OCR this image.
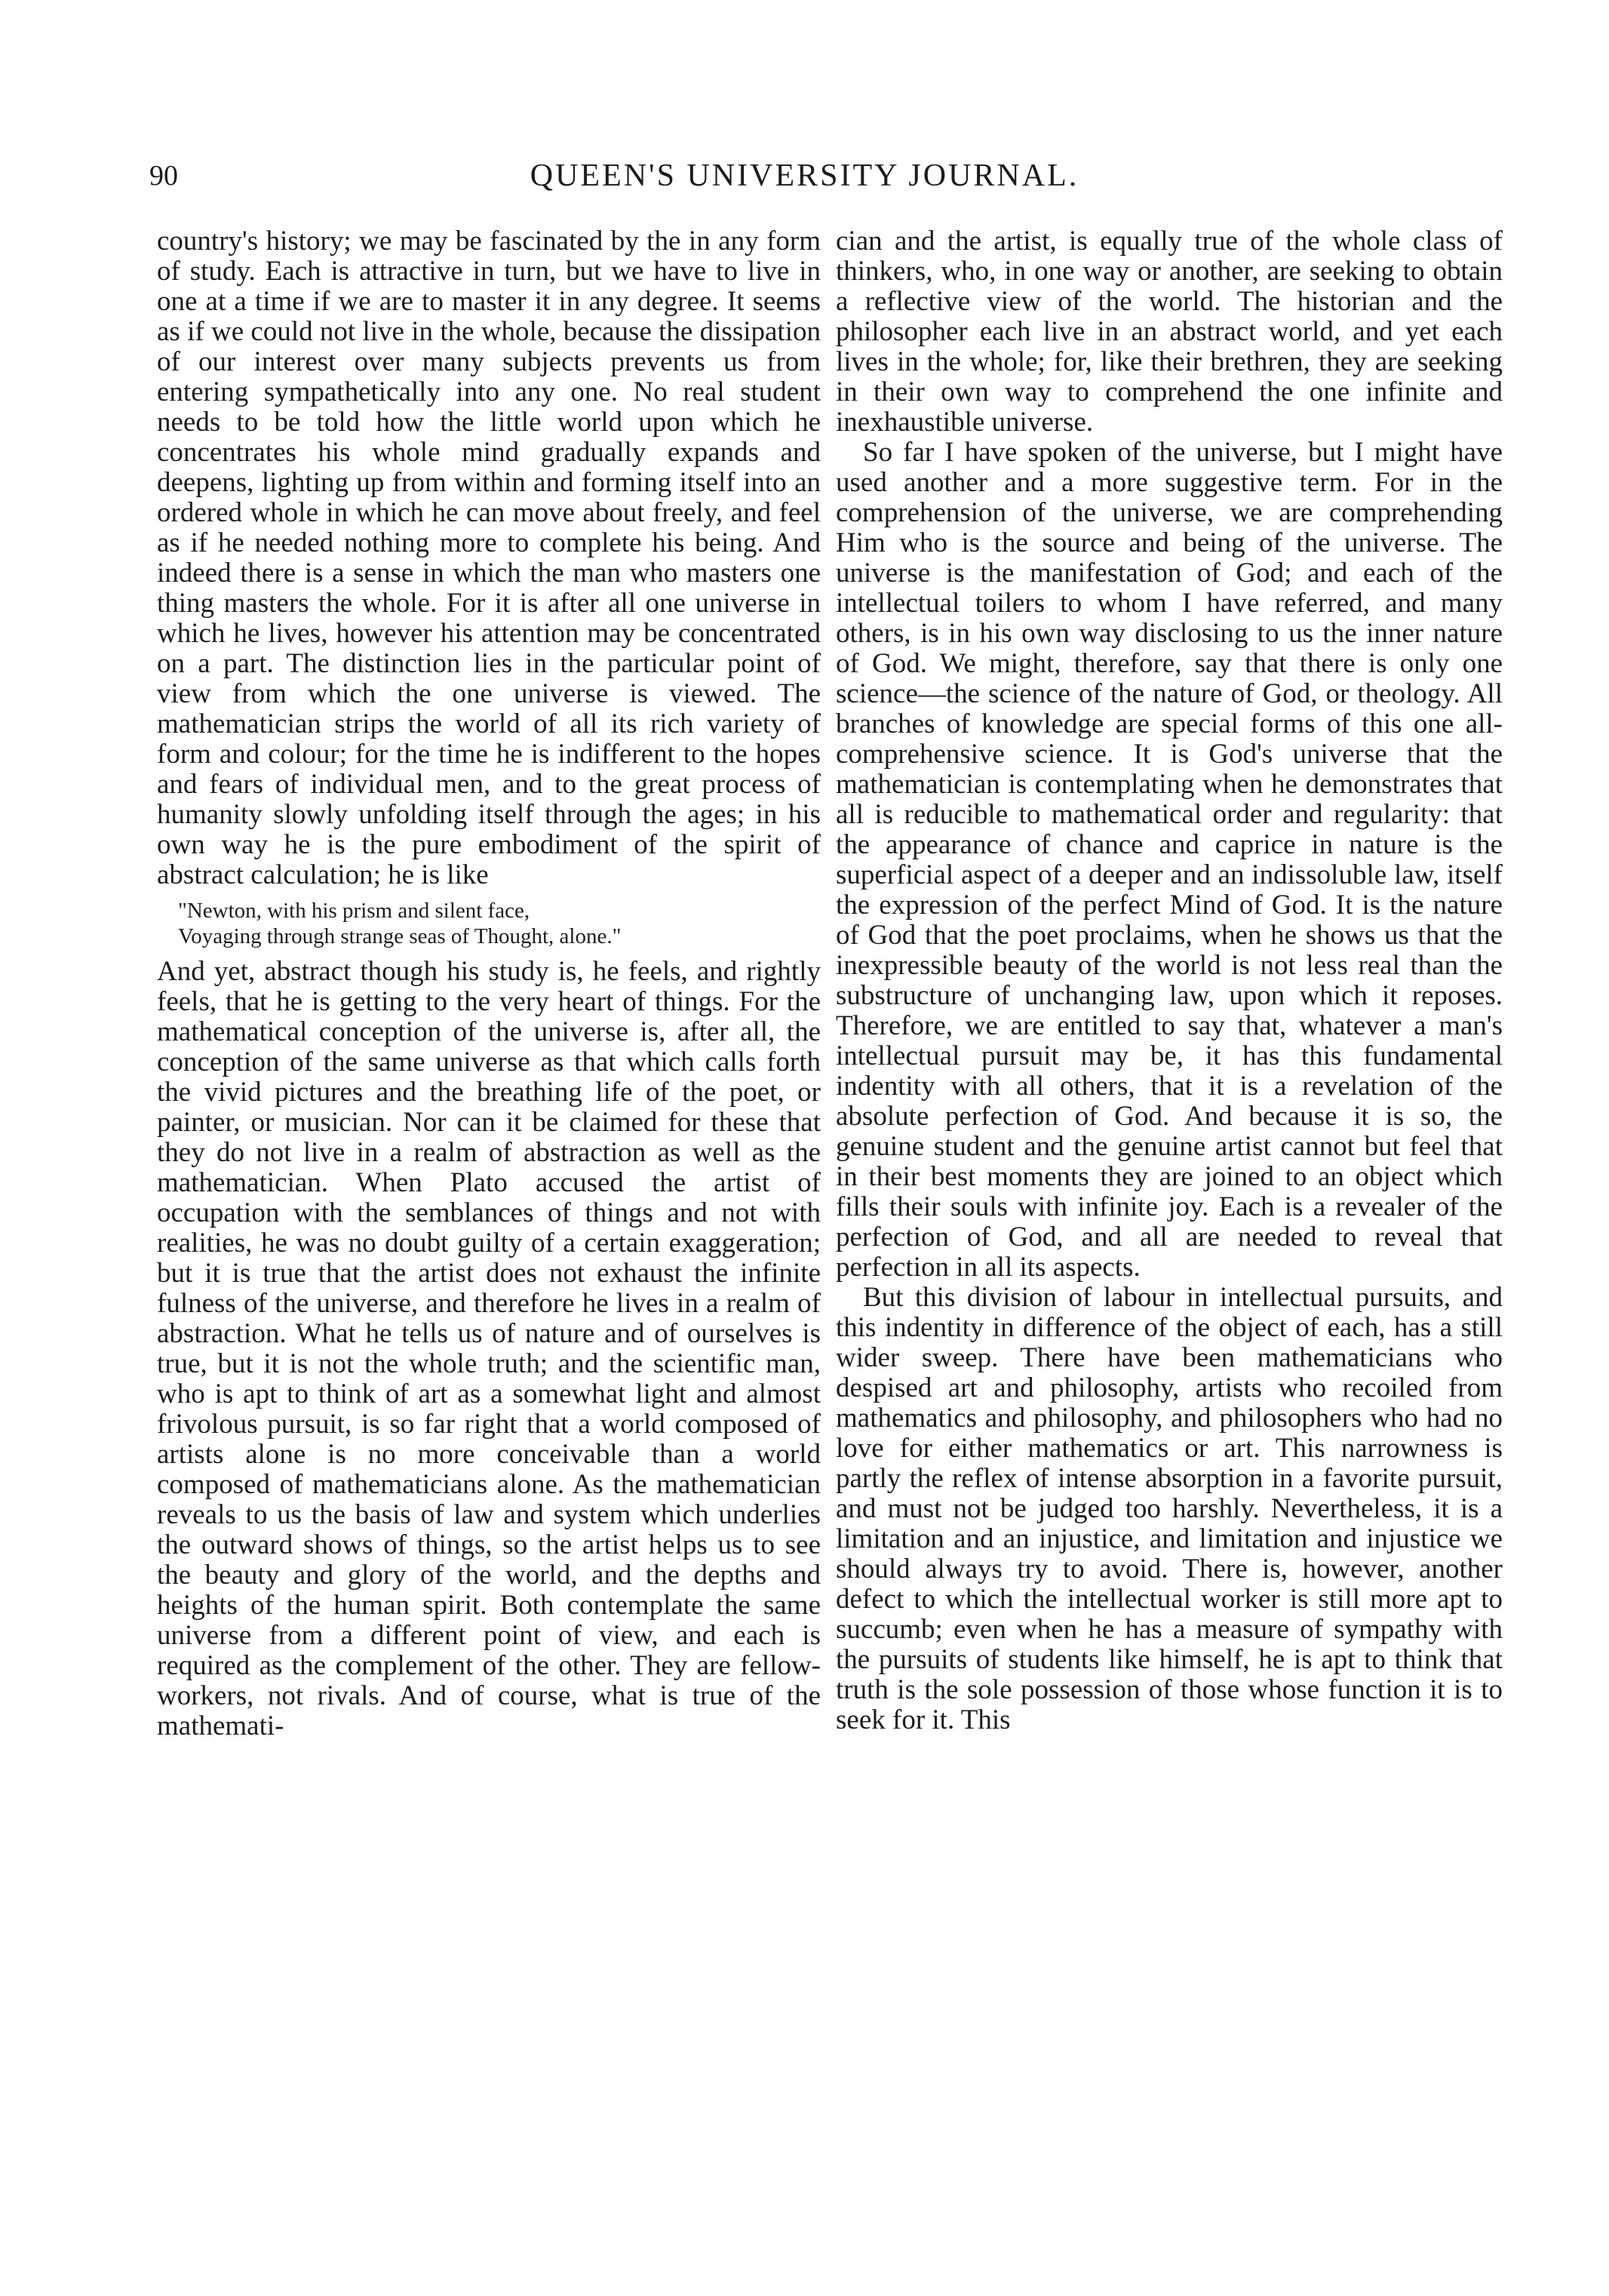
90	QUEEN'S UNIVERSITY JOURNAL.

country's history; we may be fascinated by the in any form of study. Each is attractive in turn, but we have to live in one at a time if we are to master it in any degree. It seems as if we could not live in the whole, because the dissipation of our interest over many subjects prevents us from entering sympathetically into any one. No real student needs to be told how the little world upon which he concentrates his whole mind gradually expands and deepens, lighting up from within and forming itself into an ordered whole in which he can move about freely, and feel as if he needed nothing more to complete his being. And indeed there is a sense in which the man who masters one thing masters the whole. For it is after all one universe in which he lives, however his attention may be concentrated on a part. The distinction lies in the particular point of view from which the one universe is viewed. The mathematician strips the world of all its rich variety of form and colour; for the time he is indifferent to the hopes and fears of individual men, and to the great process of humanity slowly unfolding itself through the ages; in his own way he is the pure embodiment of the spirit of abstract calculation; he is like

"Newton, with his prism and silent face,
Voyaging through strange seas of Thought, alone."

And yet, abstract though his study is, he feels, and rightly feels, that he is getting to the very heart of things. For the mathematical conception of the universe is, after all, the conception of the same universe as that which calls forth the vivid pictures and the breathing life of the poet, or painter, or musician. Nor can it be claimed for these that they do not live in a realm of abstraction as well as the mathematician. When Plato accused the artist of occupation with the semblances of things and not with realities, he was no doubt guilty of a certain exaggeration; but it is true that the artist does not exhaust the infinite fulness of the universe, and therefore he lives in a realm of abstraction. What he tells us of nature and of ourselves is true, but it is not the whole truth; and the scientific man, who is apt to think of art as a somewhat light and almost frivolous pursuit, is so far right that a world composed of artists alone is no more conceivable than a world composed of mathematicians alone. As the mathematician reveals to us the basis of law and system which underlies the outward shows of things, so the artist helps us to see the beauty and glory of the world, and the depths and heights of the human spirit. Both contemplate the same universe from a different point of view, and each is required as the complement of the other. They are fellow-workers, not rivals. And of course, what is true of the mathemati-

cian and the artist, is equally true of the whole class of thinkers, who, in one way or another, are seeking to obtain a reflective view of the world. The historian and the philosopher each live in an abstract world, and yet each lives in the whole; for, like their brethren, they are seeking in their own way to comprehend the one infinite and inexhaustible universe.

So far I have spoken of the universe, but I might have used another and a more suggestive term. For in the comprehension of the universe, we are comprehending Him who is the source and being of the universe. The universe is the manifestation of God; and each of the intellectual toilers to whom I have referred, and many others, is in his own way disclosing to us the inner nature of God. We might, therefore, say that there is only one science—the science of the nature of God, or theology. All branches of knowledge are special forms of this one all-comprehensive science. It is God's universe that the mathematician is contemplating when he demonstrates that all is reducible to mathematical order and regularity: that the appearance of chance and caprice in nature is the superficial aspect of a deeper and an indissoluble law, itself the expression of the perfect Mind of God. It is the nature of God that the poet proclaims, when he shows us that the inexpressible beauty of the world is not less real than the substructure of unchanging law, upon which it reposes. Therefore, we are entitled to say that, whatever a man's intellectual pursuit may be, it has this fundamental indentity with all others, that it is a revelation of the absolute perfection of God. And because it is so, the genuine student and the genuine artist cannot but feel that in their best moments they are joined to an object which fills their souls with infinite joy. Each is a revealer of the perfection of God, and all are needed to reveal that perfection in all its aspects.

But this division of labour in intellectual pursuits, and this indentity in difference of the object of each, has a still wider sweep. There have been mathematicians who despised art and philosophy, artists who recoiled from mathematics and philosophy, and philosophers who had no love for either mathematics or art. This narrowness is partly the reflex of intense absorption in a favorite pursuit, and must not be judged too harshly. Nevertheless, it is a limitation and an injustice, and limitation and injustice we should always try to avoid. There is, however, another defect to which the intellectual worker is still more apt to succumb; even when he has a measure of sympathy with the pursuits of students like himself, he is apt to think that truth is the sole possession of those whose function it is to seek for it. This
